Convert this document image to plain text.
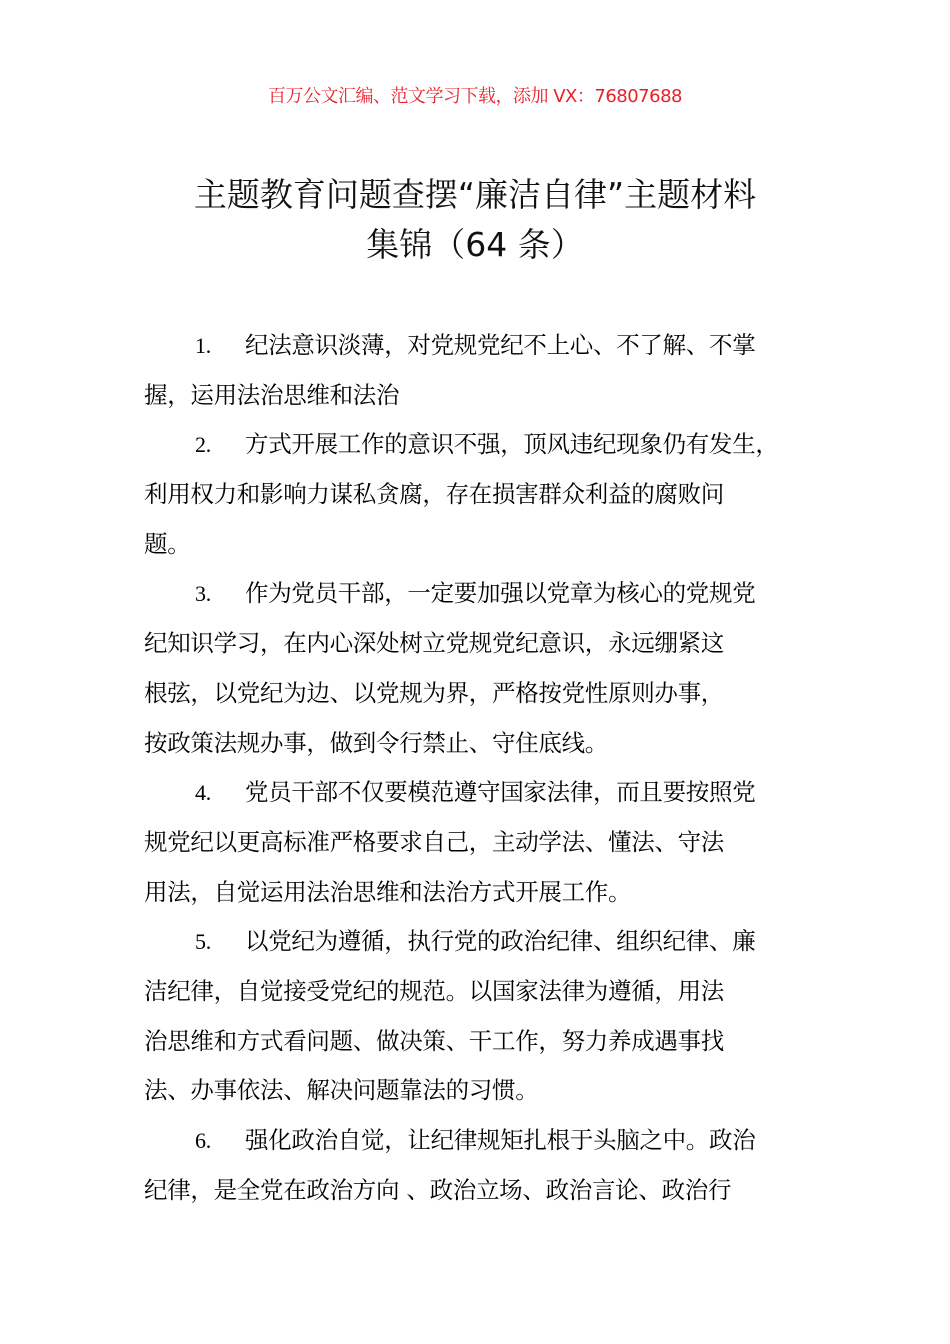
百万公文汇编、范文学习下载，添加 VX：76807688
主题教育问题查摆“廉洁自律”主题材料
集锦（64 条）
1. 纪法意识淡薄，对党规党纪不上心、不了解、不掌
握，运用法治思维和法治
2. 方式开展工作的意识不强，顶风违纪现象仍有发生，
利用权力和影响力谋私贪腐，存在损害群众利益的腐败问
题。
3. 作为党员干部，一定要加强以党章为核心的党规党
纪知识学习，在内心深处树立党规党纪意识，永远绷紧这
根弦，以党纪为边、以党规为界，严格按党性原则办事，
按政策法规办事，做到令行禁止、守住底线。
4. 党员干部不仅要模范遵守国家法律，而且要按照党
规党纪以更高标准严格要求自己，主动学法、懂法、守法
用法，自觉运用法治思维和法治方式开展工作。
5. 以党纪为遵循，执行党的政治纪律、组织纪律、廉
洁纪律，自觉接受党纪的规范。以国家法律为遵循，用法
治思维和方式看问题、做决策、干工作，努力养成遇事找
法、办事依法、解决问题靠法的习惯。
6. 强化政治自觉，让纪律规矩扎根于头脑之中。政治
纪律，是全党在政治方向 、政治立场、政治言论、政治行
